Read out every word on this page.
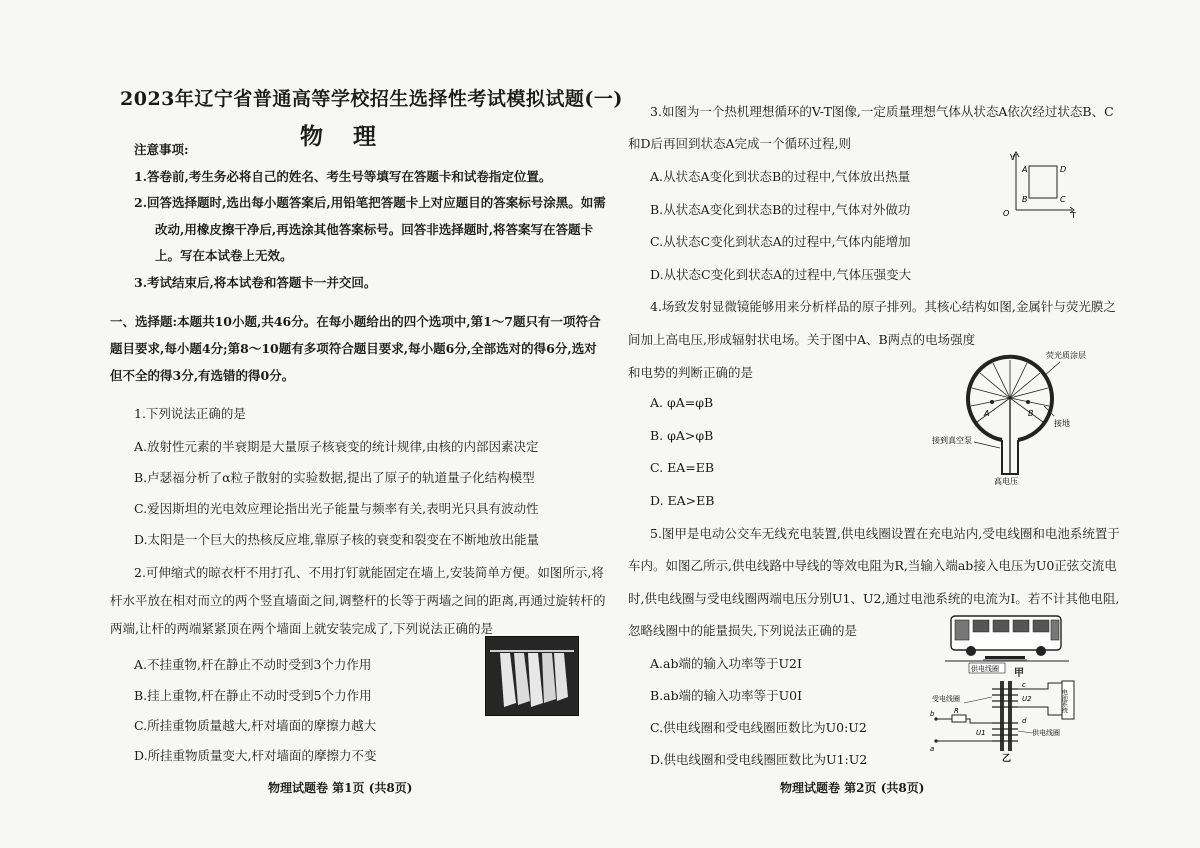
2023年辽宁省普通高等学校招生选择性考试模拟试题(一)
物理
注意事项:
1.答卷前,考生务必将自己的姓名、考生号等填写在答题卡和试卷指定位置。
2.回答选择题时,选出每小题答案后,用铅笔把答题卡上对应题目的答案标号涂黑。如需
改动,用橡皮擦干净后,再选涂其他答案标号。回答非选择题时,将答案写在答题卡
上。写在本试卷上无效。
3.考试结束后,将本试卷和答题卡一并交回。
一、选择题:本题共10小题,共46分。在每小题给出的四个选项中,第1～7题只有一项符合
题目要求,每小题4分;第8～10题有多项符合题目要求,每小题6分,全部选对的得6分,选对
但不全的得3分,有选错的得0分。
1.下列说法正确的是
A.放射性元素的半衰期是大量原子核衰变的统计规律,由核的内部因素决定
B.卢瑟福分析了α粒子散射的实验数据,提出了原子的轨道量子化结构模型
C.爱因斯坦的光电效应理论指出光子能量与频率有关,表明光只具有波动性
D.太阳是一个巨大的热核反应堆,靠原子核的衰变和裂变在不断地放出能量
2.可伸缩式的晾衣杆不用打孔、不用打钉就能固定在墙上,安装简单方便。如图所示,将
杆水平放在相对而立的两个竖直墙面之间,调整杆的长等于两墙之间的距离,再通过旋转杆的
两端,让杆的两端紧紧顶在两个墙面上就安装完成了,下列说法正确的是
A.不挂重物,杆在静止不动时受到3个力作用
B.挂上重物,杆在静止不动时受到5个力作用
C.所挂重物质量越大,杆对墙面的摩擦力越大
D.所挂重物质量变大,杆对墙面的摩擦力不变
物理试题卷 第1页 (共8页)
3.如图为一个热机理想循环的V-T图像,一定质量理想气体从状态A依次经过状态B、C
和D后再回到状态A完成一个循环过程,则
A.从状态A变化到状态B的过程中,气体放出热量
B.从状态A变化到状态B的过程中,气体对外做功
C.从状态C变化到状态A的过程中,气体内能增加
D.从状态C变化到状态A的过程中,气体压强变大
V
T
O
A
B	C
D
4.场致发射显微镜能够用来分析样品的原子排列。其核心结构如图,金属针与荧光膜之
间加上高电压,形成辐射状电场。关于图中A、B两点的电场强度
和电势的判断正确的是
A. φA=φB
B. φA>φB
C. EA=EB
D. EA>EB
A	B
荧光质涂层
接地
接到真空泵
高电压
5.图甲是电动公交车无线充电装置,供电线圈设置在充电站内,受电线圈和电池系统置于
车内。如图乙所示,供电线路中导线的等效电阻为R,当输入端ab接入电压为U0正弦交流电
时,供电线圈与受电线圈两端电压分别U1、U2,通过电池系统的电流为I。若不计其他电阻,
忽略线圈中的能量损失,下列说法正确的是
A.ab端的输入功率等于U2I
B.ab端的输入功率等于U0I
C.供电线圈和受电线圈匝数比为U0:U2
D.供电线圈和受电线圈匝数比为U1:U2
供电线圈 甲
电池系统
R
b
a
U1
U2
c
d
受电线圈
供电线圈
乙
物理试题卷 第2页 (共8页)
